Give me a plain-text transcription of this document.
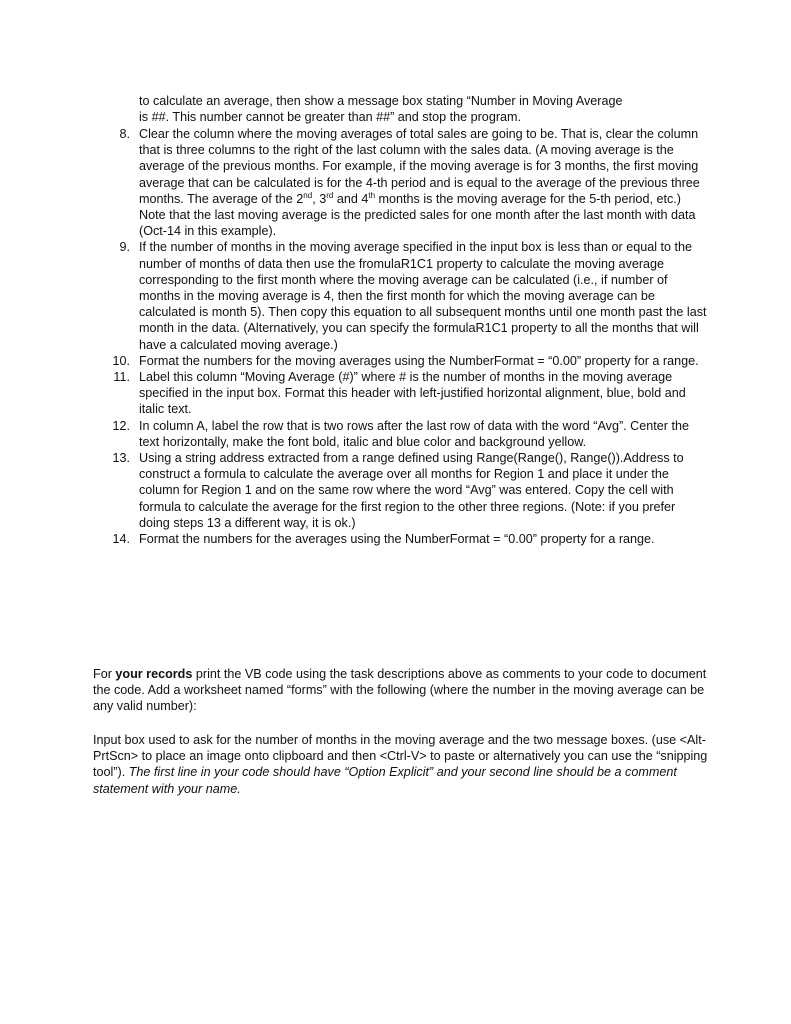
to calculate an average, then show a message box stating “Number in Moving Average
is ##. This number cannot be greater than ##” and stop the program.
8. Clear the column where the moving averages of total sales are going to be. That is, clear the column that is three columns to the right of the last column with the sales data. (A moving average is the average of the previous months. For example, if the moving average is for 3 months, the first moving average that can be calculated is for the 4-th period and is equal to the average of the previous three months. The average of the 2nd, 3rd and 4th months is the moving average for the 5-th period, etc.) Note that the last moving average is the predicted sales for one month after the last month with data (Oct-14 in this example).
9. If the number of months in the moving average specified in the input box is less than or equal to the number of months of data then use the fromulaR1C1 property to calculate the moving average corresponding to the first month where the moving average can be calculated (i.e., if number of months in the moving average is 4, then the first month for which the moving average can be calculated is month 5). Then copy this equation to all subsequent months until one month past the last month in the data. (Alternatively, you can specify the formulaR1C1 property to all the months that will have a calculated moving average.)
10. Format the numbers for the moving averages using the NumberFormat = “0.00” property for a range.
11. Label this column “Moving Average (#)” where # is the number of months in the moving average specified in the input box. Format this header with left-justified horizontal alignment, blue, bold and italic text.
12. In column A, label the row that is two rows after the last row of data with the word “Avg”. Center the text horizontally, make the font bold, italic and blue color and background yellow.
13. Using a string address extracted from a range defined using Range(Range(), Range()).Address to construct a formula to calculate the average over all months for Region 1 and place it under the column for Region 1 and on the same row where the word “Avg” was entered. Copy the cell with formula to calculate the average for the first region to the other three regions. (Note: if you prefer doing steps 13 a different way, it is ok.)
14. Format the numbers for the averages using the NumberFormat = “0.00” property for a range.
For your records print the VB code using the task descriptions above as comments to your code to document the code. Add a worksheet named “forms” with the following (where the number in the moving average can be any valid number):
Input box used to ask for the number of months in the moving average and the two message boxes. (use <Alt-PrtScn> to place an image onto clipboard and then <Ctrl-V> to paste or alternatively you can use the “snipping tool”). The first line in your code should have “Option Explicit” and your second line should be a comment statement with your name.
